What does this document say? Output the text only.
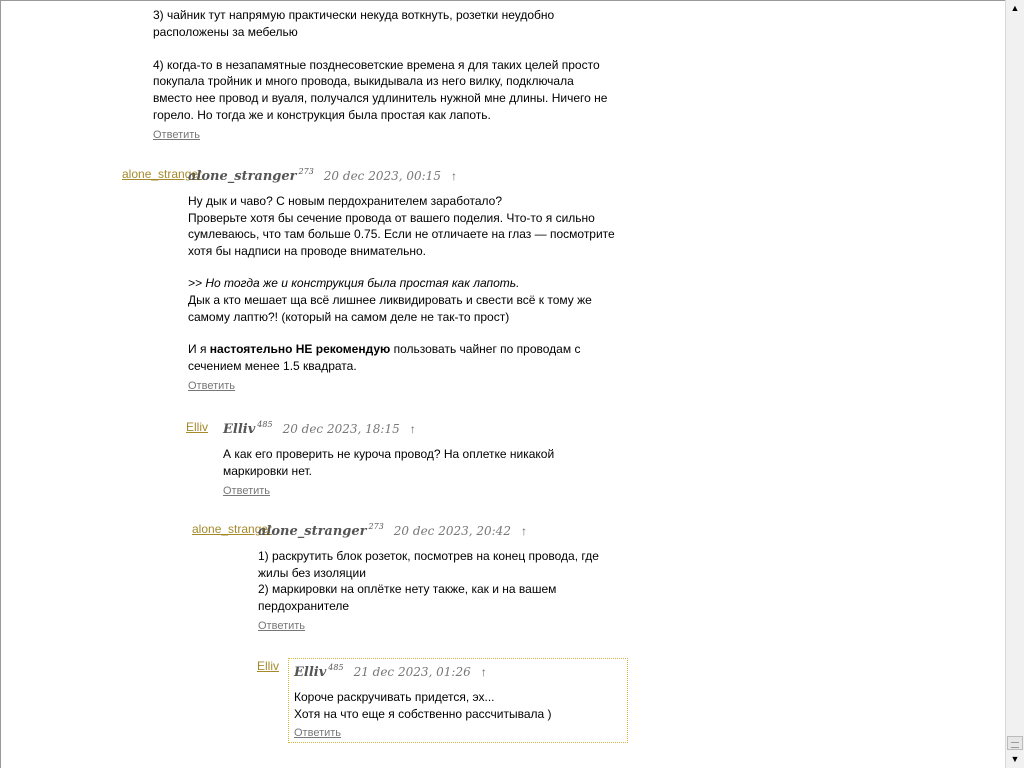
3) чайник тут напрямую практически некуда воткнуть, розетки неудобно
расположены за мебелью
4) когда-то в незапамятные позднесоветские времена я для таких целей просто
покупала тройник и много провода, выкидывала из него вилку, подключала
вместо нее провод и вуаля, получался удлинитель нужной мне длины. Ничего не
горело. Но тогда же и конструкция была простая как лапоть.
Ответить
alone_stranger
alone_stranger $^{273}$ 20 dec 2023, 00:15 ↑
Ну дык и чаво? С новым пердохранителем заработало?
Проверьте хотя бы сечение провода от вашего поделия. Что-то я сильно
сумлеваюсь, что там больше 0.75. Если не отличаете на глаз — посмотрите
хотя бы надписи на проводе внимательно.
>> Но тогда же и конструкция была простая как лапоть.
Дык а кто мешает ща всё лишнее ликвидировать и свести всё к тому же
самому лаптю?! (который на самом деле не так-то прост)
И я настоятельно НЕ рекомендую пользовать чайнег по проводам с
сечением менее 1.5 квадрата.
Ответить
Elliv Elliv $^{485}$ 20 dec 2023, 18:15 ↑
А как его проверить не курочa провод? На оплетке никакой
маркировки нет.
Ответить
alone_stranger
alone_stranger $^{273}$ 20 dec 2023, 20:42 ↑
1) раскрутить блок розеток, посмотрев на конец провода, где
жилы без изоляции
2) маркировки на оплётке нету также, как и на вашем
пердохранителе
Ответить
Elliv Elliv $^{485}$ 21 dec 2023, 01:26 ↑
Короче раскручивать придется, эх...
Хотя на что еще я собственно рассчитывала )
Ответить
▲
▼
